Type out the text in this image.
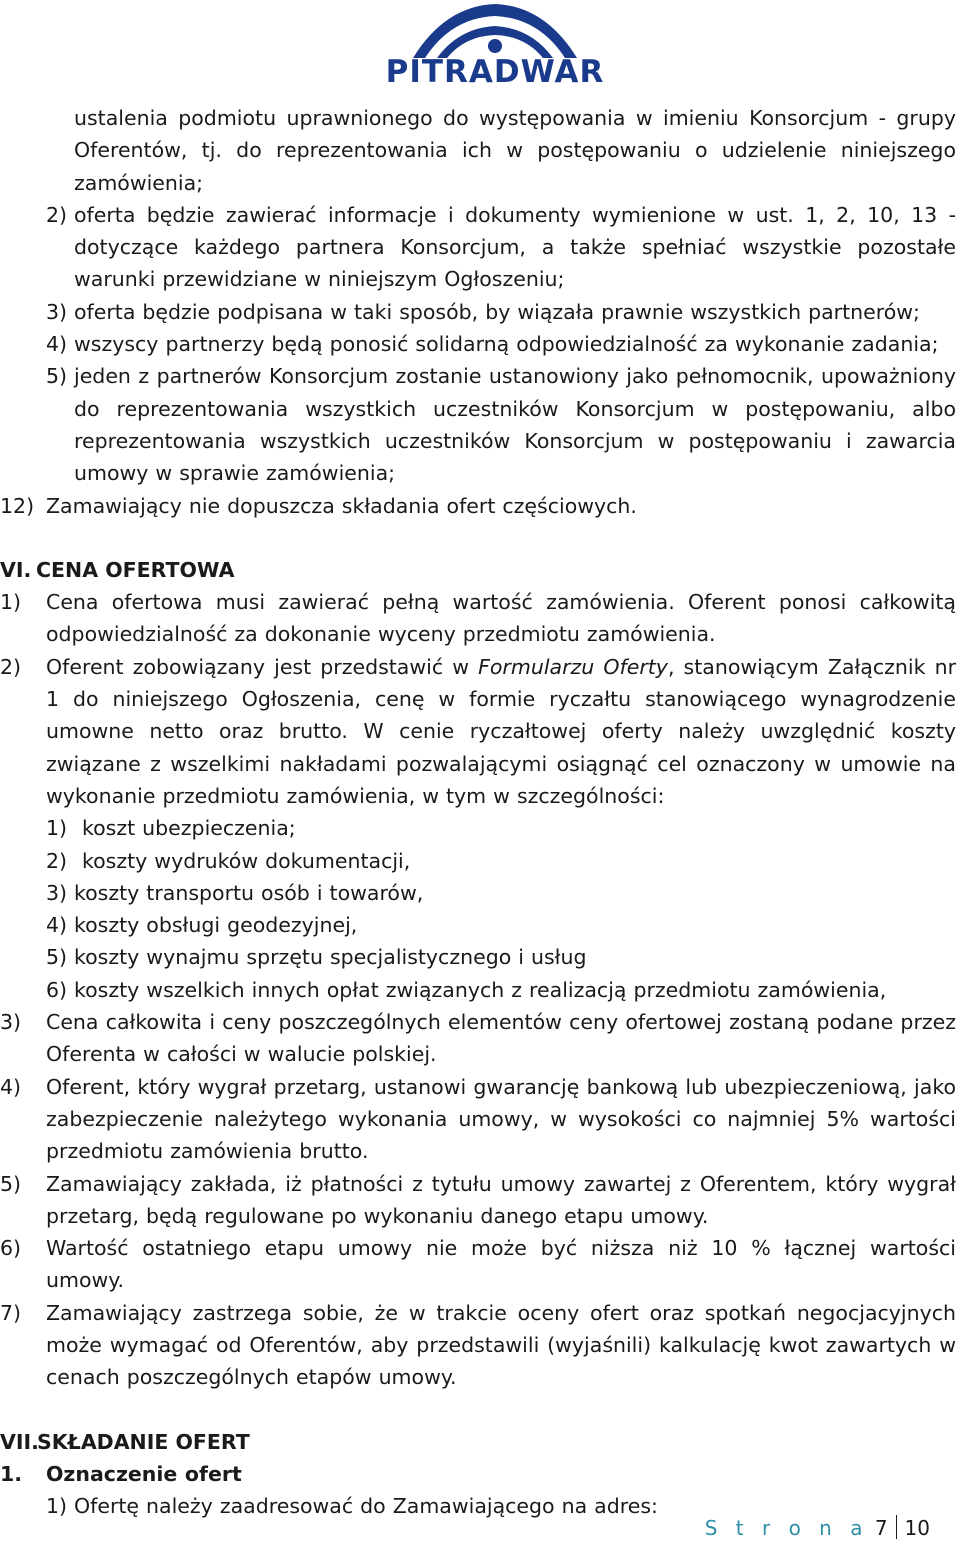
PITRADWAR
ustalenia podmiotu uprawnionego do występowania w imieniu Konsorcjum - grupy Oferentów, tj. do reprezentowania ich w postępowaniu o udzielenie niniejszego zamówienia;
2) oferta będzie zawierać informacje i dokumenty wymienione w ust. 1, 2, 10, 13 - dotyczące każdego partnera Konsorcjum, a także spełniać wszystkie pozostałe warunki przewidziane w niniejszym Ogłoszeniu;
3) oferta będzie podpisana w taki sposób, by wiązała prawnie wszystkich partnerów;
4) wszyscy partnerzy będą ponosić solidarną odpowiedzialność za wykonanie zadania;
5) jeden z partnerów Konsorcjum zostanie ustanowiony jako pełnomocnik, upoważniony do reprezentowania wszystkich uczestników Konsorcjum w postępowaniu, albo reprezentowania wszystkich uczestników Konsorcjum w postępowaniu i zawarcia umowy w sprawie zamówienia;
12) Zamawiający nie dopuszcza składania ofert częściowych.
VI. CENA OFERTOWA
1)	Cena ofertowa musi zawierać pełną wartość zamówienia. Oferent ponosi całkowitą odpowiedzialność za dokonanie wyceny przedmiotu zamówienia.
2)	Oferent zobowiązany jest przedstawić w Formularzu Oferty, stanowiącym Załącznik nr 1 do niniejszego Ogłoszenia, cenę w formie ryczałtu stanowiącego wynagrodzenie umowne netto oraz brutto. W cenie ryczałtowej oferty należy uwzględnić koszty związane z wszelkimi nakładami pozwalającymi osiągnąć cel oznaczony w umowie na wykonanie przedmiotu zamówienia, w tym w szczególności:
1) koszt ubezpieczenia;
2) koszty wydruków dokumentacji,
3) koszty transportu osób i towarów,
4) koszty obsługi geodezyjnej,
5) koszty wynajmu sprzętu specjalistycznego i usług
6) koszty wszelkich innych opłat związanych z realizacją przedmiotu zamówienia,
3)	Cena całkowita i ceny poszczególnych elementów ceny ofertowej zostaną podane przez Oferenta w całości w walucie polskiej.
4)	Oferent, który wygrał przetarg, ustanowi gwarancję bankową lub ubezpieczeniową, jako zabezpieczenie należytego wykonania umowy, w wysokości co najmniej 5% wartości przedmiotu zamówienia brutto.
5)	Zamawiający zakłada, iż płatności z tytułu umowy zawartej z Oferentem, który wygrał przetarg, będą regulowane po wykonaniu danego etapu umowy.
6)	Wartość ostatniego etapu umowy nie może być niższa niż 10 % łącznej wartości umowy.
7)	Zamawiający zastrzega sobie, że w trakcie oceny ofert oraz spotkań negocjacyjnych może wymagać od Oferentów, aby przedstawili (wyjaśnili) kalkulację kwot zawartych w cenach poszczególnych etapów umowy.
VII.SKŁADANIE OFERT
1.	Oznaczenie ofert
1) Ofertę należy zaadresować do Zamawiającego na adres:
S t r o n a 7 10
